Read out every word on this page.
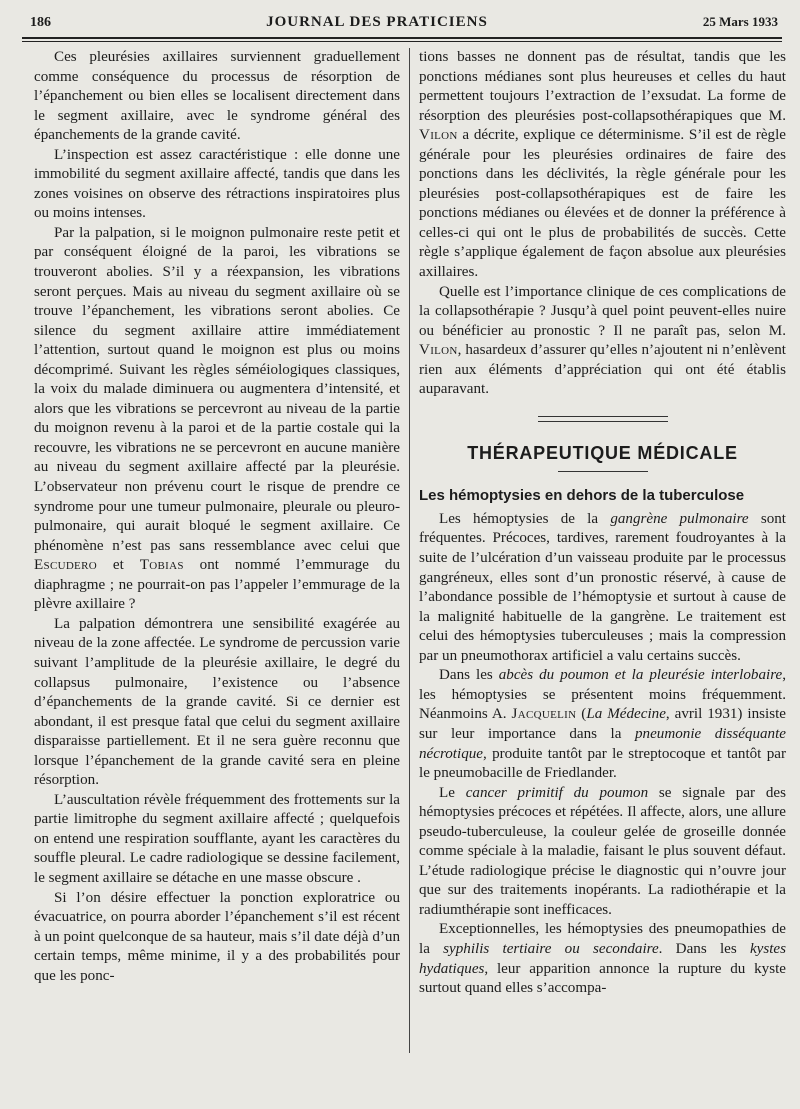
186	JOURNAL DES PRATICIENS	25 Mars 1933

Ces pleurésies axillaires surviennent graduellement comme conséquence du processus de résorption de l’épanchement ou bien elles se localisent directement dans le segment axillaire, avec le syndrome général des épanchements de la grande cavité.

L’inspection est assez caractéristique : elle donne une immobilité du segment axillaire affecté, tandis que dans les zones voisines on observe des rétractions inspiratoires plus ou moins intenses.

Par la palpation, si le moignon pulmonaire reste petit et par conséquent éloigné de la paroi, les vibrations se trouveront abolies. S’il y a réexpansion, les vibrations seront perçues. Mais au niveau du segment axillaire où se trouve l’épanchement, les vibrations seront abolies. Ce silence du segment axillaire attire immédiatement l’attention, surtout quand le moignon est plus ou moins décomprimé. Suivant les règles séméiologiques classiques, la voix du malade diminuera ou augmentera d’intensité, et alors que les vibrations se percevront au niveau de la partie du moignon revenu à la paroi et de la partie costale qui la recouvre, les vibrations ne se percevront en aucune manière au niveau du segment axillaire affecté par la pleurésie. L’observateur non prévenu court le risque de prendre ce syndrome pour une tumeur pulmonaire, pleurale ou pleuro-pulmonaire, qui aurait bloqué le segment axillaire. Ce phénomène n’est pas sans ressemblance avec celui que Escudero et Tobias ont nommé l’emmurage du diaphragme ; ne pourrait-on pas l’appeler l’emmurage de la plèvre axillaire ?

La palpation démontrera une sensibilité exagérée au niveau de la zone affectée. Le syndrome de percussion varie suivant l’amplitude de la pleurésie axillaire, le degré du collapsus pulmonaire, l’existence ou l’absence d’épanchements de la grande cavité. Si ce dernier est abondant, il est presque fatal que celui du segment axillaire disparaisse partiellement. Et il ne sera guère reconnu que lorsque l’épanchement de la grande cavité sera en pleine résorption.

L’auscultation révèle fréquemment des frottements sur la partie limitrophe du segment axillaire affecté ; quelquefois on entend une respiration soufflante, ayant les caractères du souffle pleural. Le cadre radiologique se dessine facilement, le segment axillaire se détache en une masse obscure .

Si l’on désire effectuer la ponction exploratrice ou évacuatrice, on pourra aborder l’épanchement s’il est récent à un point quelconque de sa hauteur, mais s’il date déjà d’un certain temps, même minime, il y a des probabilités pour que les ponc-

tions basses ne donnent pas de résultat, tandis que les ponctions médianes sont plus heureuses et celles du haut permettent toujours l’extraction de l’exsudat. La forme de résorption des pleurésies post-collapsothérapiques que M. Vilon a décrite, explique ce déterminisme. S’il est de règle générale pour les pleurésies ordinaires de faire des ponctions dans les déclivités, la règle générale pour les pleurésies post-collapsothérapiques est de faire les ponctions médianes ou élevées et de donner la préférence à celles-ci qui ont le plus de probabilités de succès. Cette règle s’applique également de façon absolue aux pleurésies axillaires.

Quelle est l’importance clinique de ces complications de la collapsothérapie ? Jusqu’à quel point peuvent-elles nuire ou bénéficier au pronostic ? Il ne paraît pas, selon M. Vilon, hasardeux d’assurer qu’elles n’ajoutent ni n’enlèvent rien aux éléments d’appréciation qui ont été établis auparavant.

THÉRAPEUTIQUE MÉDICALE
Les hémoptysies en dehors de la tuberculose

Les hémoptysies de la gangrène pulmonaire sont fréquentes. Précoces, tardives, rarement foudroyantes à la suite de l’ulcération d’un vaisseau produite par le processus gangréneux, elles sont d’un pronostic réservé, à cause de l’abondance possible de l’hémoptysie et surtout à cause de la malignité habituelle de la gangrène. Le traitement est celui des hémoptysies tuberculeuses ; mais la compression par un pneumothorax artificiel a valu certains succès.

Dans les abcès du poumon et la pleurésie interlobaire, les hémoptysies se présentent moins fréquemment. Néanmoins A. Jacquelin (La Médecine, avril 1931) insiste sur leur importance dans la pneumonie disséquante nécrotique, produite tantôt par le streptocoque et tantôt par le pneumobacille de Friedlander.

Le cancer primitif du poumon se signale par des hémoptysies précoces et répétées. Il affecte, alors, une allure pseudo-tuberculeuse, la couleur gelée de groseille donnée comme spéciale à la maladie, faisant le plus souvent défaut. L’étude radiologique précise le diagnostic qui n’ouvre jour que sur des traitements inopérants. La radiothérapie et la radiumthérapie sont inefficaces.

Exceptionnelles, les hémoptysies des pneumopathies de la syphilis tertiaire ou secondaire. Dans les kystes hydatiques, leur apparition annonce la rupture du kyste surtout quand elles s’accompa-
